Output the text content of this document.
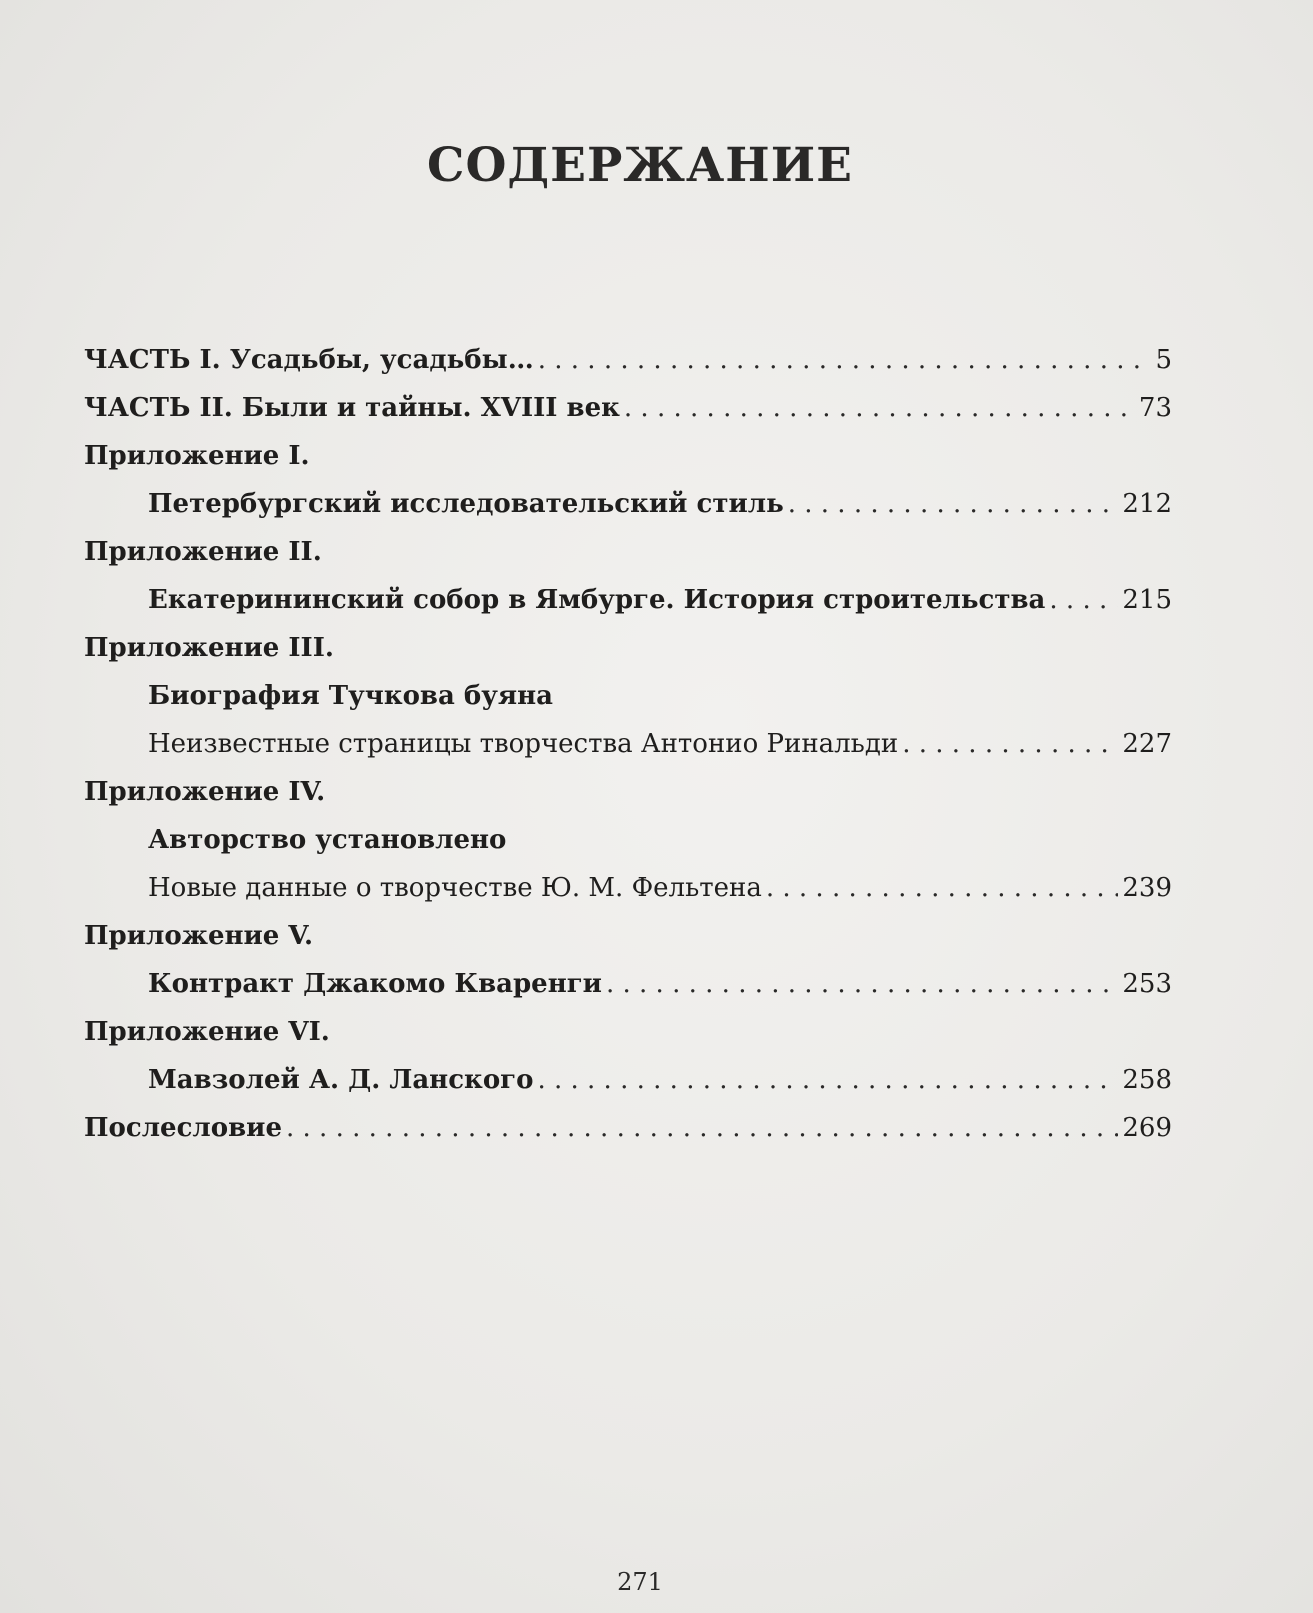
СОДЕРЖАНИЕ
ЧАСТЬ I. Усадьбы, усадьбы… . . .	5
ЧАСТЬ II. Были и тайны. XVIII век . . .	73
Приложение I.
Петербургский исследовательский стиль . . .	212
Приложение II.
Екатерининский собор в Ямбурге. История строительства . . .	215
Приложение III.
Биография Тучкова буяна
Неизвестные страницы творчества Антонио Ринальди . . .	227
Приложение IV.
Авторство установлено
Новые данные о творчестве Ю. М. Фельтена . . .	239
Приложение V.
Контракт Джакомо Кваренги . . .	253
Приложение VI.
Мавзолей А. Д. Ланского . . .	258
Послесловие . . .	269
271
